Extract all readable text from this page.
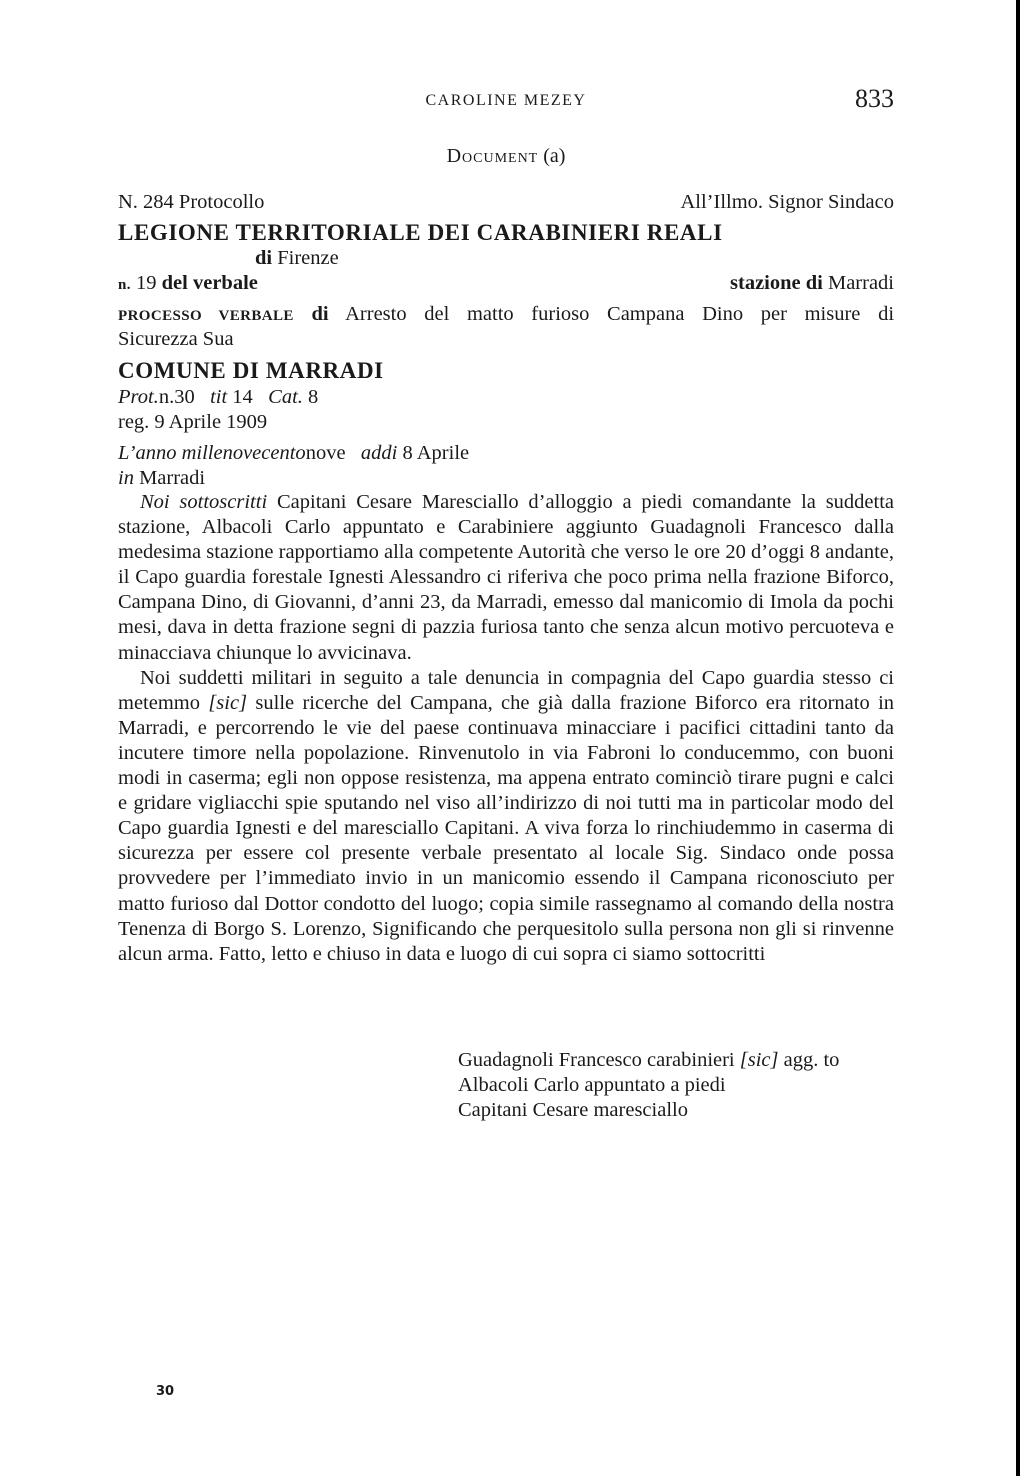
CAROLINE MEZEY	833
Document (a)
N. 284 Protocollo	All’Illmo. Signor Sindaco
LEGIONE TERRITORIALE DEI CARABINIERI REALI
di Firenze
n. 19 del verbale	stazione di Marradi
PROCESSO VERBALE di Arresto del matto furioso Campana Dino per misure di
Sicurezza Sua
COMUNE DI MARRADI
Prot.n.30 tit 14 Cat. 8
reg. 9 Aprile 1909
L’anno millenovecentonove addi 8 Aprile
in Marradi

Noi sottoscritti Capitani Cesare Maresciallo d’alloggio a piedi comandante la suddetta stazione, Albacoli Carlo appuntato e Carabiniere aggiunto Guadagnoli Francesco dalla medesima stazione rapportiamo alla competente Autorità che verso le ore 20 d’oggi 8 andante, il Capo guardia forestale Ignesti Alessandro ci riferiva che poco prima nella frazione Biforco, Campana Dino, di Giovanni, d’anni 23, da Marradi, emesso dal manicomio di Imola da pochi mesi, dava in detta frazione segni di pazzia furiosa tanto che senza alcun motivo percuoteva e minacciava chiunque lo avvicinava.

Noi suddetti militari in seguito a tale denuncia in compagnia del Capo guardia stesso ci metemmo [sic] sulle ricerche del Campana, che già dalla frazione Biforco era ritornato in Marradi, e percorrendo le vie del paese continuava minacciare i pacifici cittadini tanto da incutere timore nella popolazione. Rinvenutolo in via Fabroni lo conducemmo, con buoni modi in caserma; egli non oppose resistenza, ma appena entrato cominciò tirare pugni e calci e gridare vigliacchi spie sputando nel viso all’indirizzo di noi tutti ma in particolar modo del Capo guardia Ignesti e del maresciallo Capitani. A viva forza lo rinchiudemmo in caserma di sicurezza per essere col presente verbale presentato al locale Sig. Sindaco onde possa provvedere per l’immediato invio in un manicomio essendo il Campana riconosciuto per matto furioso dal Dottor condotto del luogo; copia simile rassegnamo al comando della nostra Tenenza di Borgo S. Lorenzo, Significando che perquesitolo sulla persona non gli si rinvenne alcun arma. Fatto, letto e chiuso in data e luogo di cui sopra ci siamo sottocritti

Guadagnoli Francesco carabinieri [sic] agg. to
Albacoli Carlo appuntato a piedi
Capitani Cesare maresciallo
30
